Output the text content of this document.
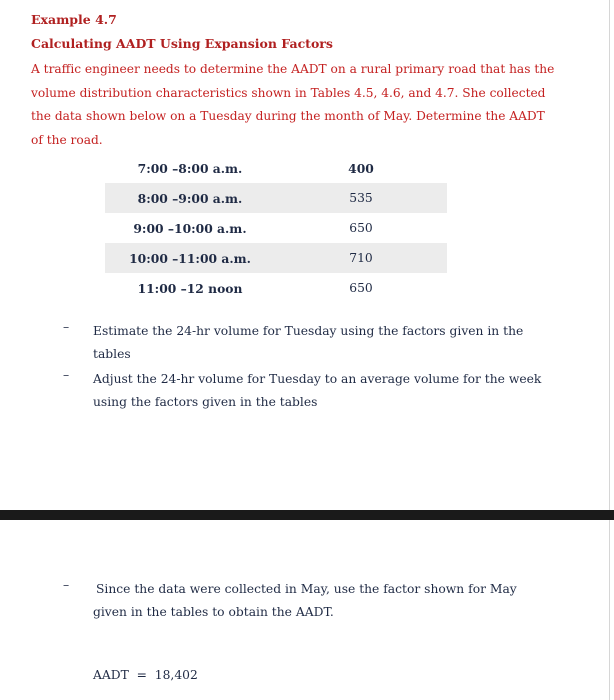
Example 4.7
Calculating AADT Using Expansion Factors
A traffic engineer needs to determine the AADT on a rural primary road that has the volume distribution characteristics shown in Tables 4.5, 4.6, and 4.7. She collected the data shown below on a Tuesday during the month of May. Determine the AADT of the road.
7:00 –8:00 a.m.	400
8:00 –9:00 a.m.	535
9:00 –10:00 a.m.	650
10:00 –11:00 a.m.	710
11:00 –12 noon	650
– Estimate the 24-hr volume for Tuesday using the factors given in the tables
– Adjust the 24-hr volume for Tuesday to an average volume for the week using the factors given in the tables
– Since the data were collected in May, use the factor shown for May given in the tables to obtain the AADT.
AADT  =  18,402
